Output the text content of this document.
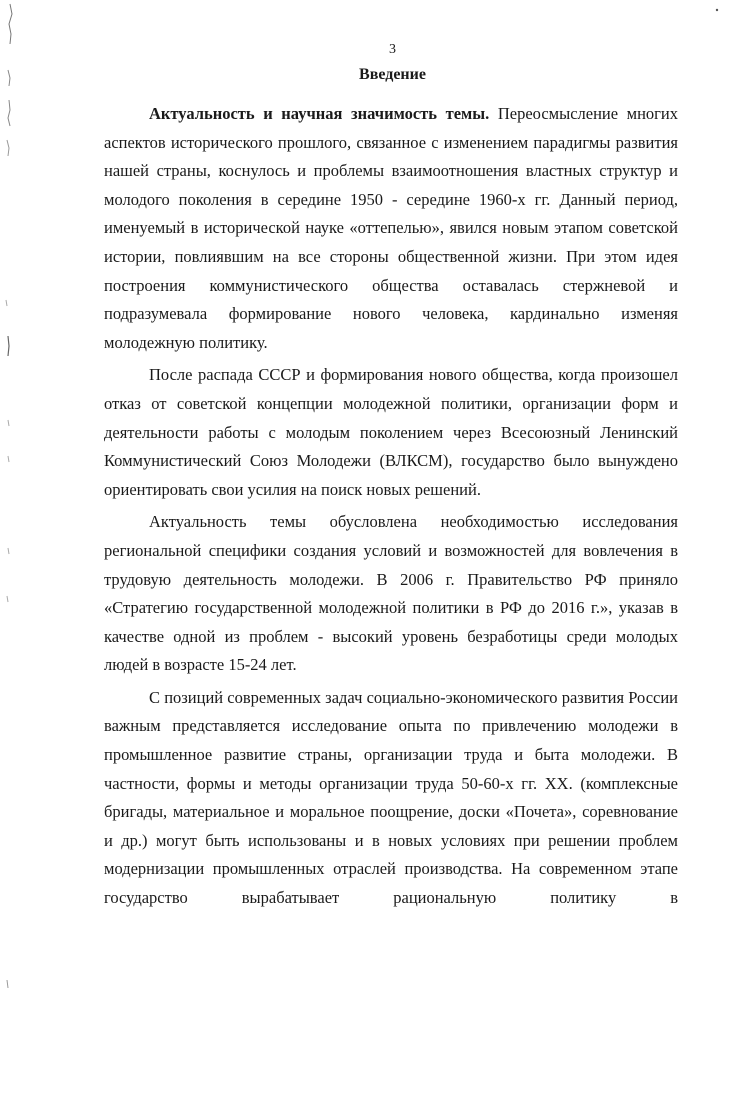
3
Введение

Актуальность и научная значимость темы. Переосмысление многих аспектов исторического прошлого, связанное с изменением парадигмы развития нашей страны, коснулось и проблемы взаимоотношения властных структур и молодого поколения в середине 1950 - середине 1960-х гг. Данный период, именуемый в исторической науке «оттепелью», явился новым этапом советской истории, повлиявшим на все стороны общественной жизни. При этом идея построения коммунистического общества оставалась стержневой и подразумевала формирование нового человека, кардинально изменяя молодежную политику.

После распада СССР и формирования нового общества, когда произошел отказ от советской концепции молодежной политики, организации форм и деятельности работы с молодым поколением через Всесоюзный Ленинский Коммунистический Союз Молодежи (ВЛКСМ), государство было вынуждено ориентировать свои усилия на поиск новых решений.

Актуальность темы обусловлена необходимостью исследования региональной специфики создания условий и возможностей для вовлечения в трудовую деятельность молодежи. В 2006 г. Правительство РФ приняло «Стратегию государственной молодежной политики в РФ до 2016 г.», указав в качестве одной из проблем - высокий уровень безработицы среди молодых людей в возрасте 15-24 лет.

С позиций современных задач социально-экономического развития России важным представляется исследование опыта по привлечению молодежи в промышленное развитие страны, организации труда и быта молодежи. В частности, формы и методы организации труда 50-60-х гг. XX. (комплексные бригады, материальное и моральное поощрение, доски «Почета», соревнование и др.) могут быть использованы и в новых условиях при решении проблем модернизации промышленных отраслей производства. На современном этапе государство вырабатывает рациональную политику в
